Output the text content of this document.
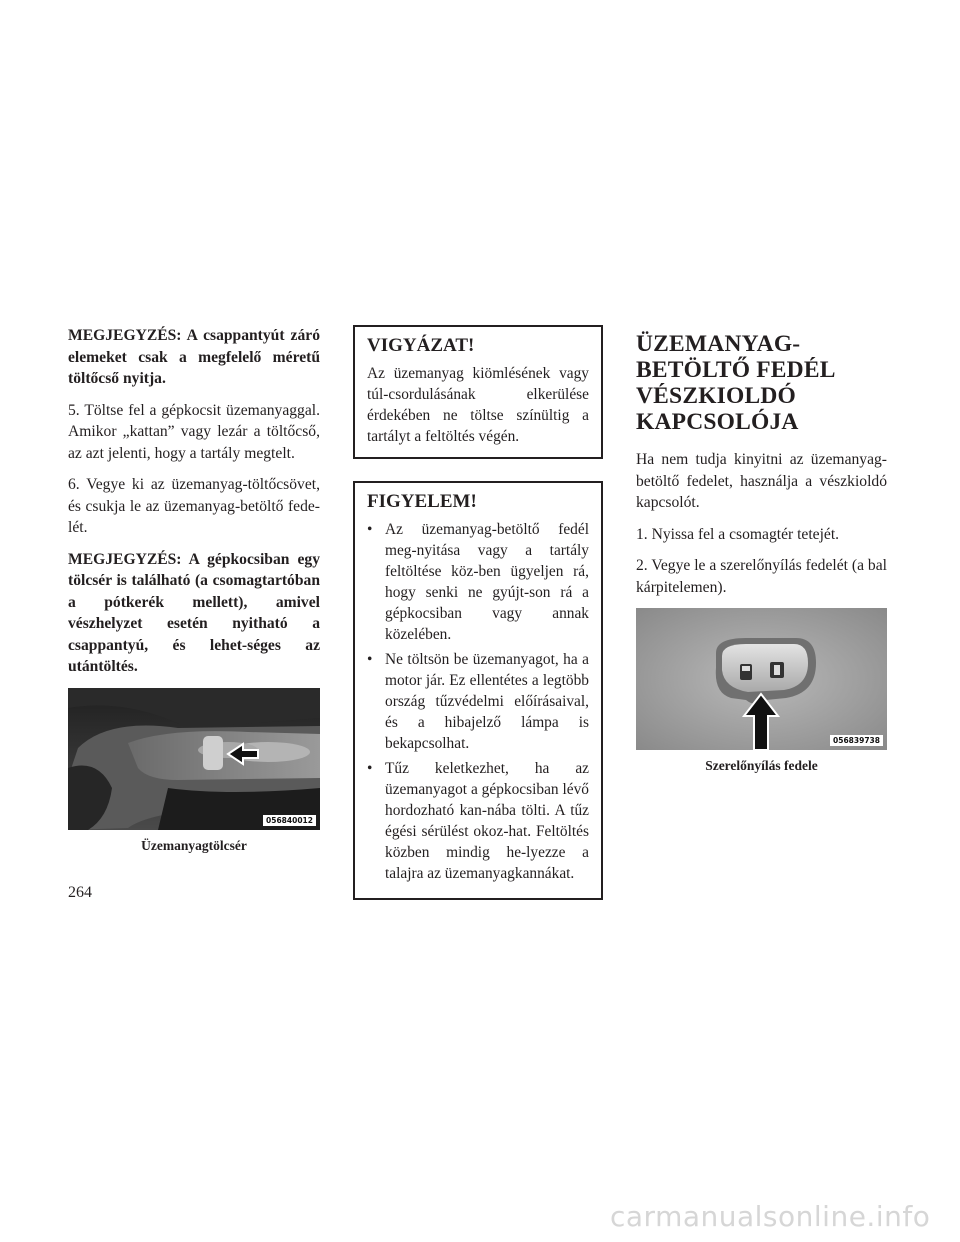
MEGJEGYZÉS: A csappantyút záró elemeket csak a megfelelő méretű töltőcső nyitja.

5. Töltse fel a gépkocsit üzemanyaggal. Amikor „kattan” vagy lezár a töltőcső, az azt jelenti, hogy a tartály megtelt.

6. Vegye ki az üzemanyag-töltőcsövet, és csukja le az üzemanyag-betöltő fede-lét.

MEGJEGYZÉS: A gépkocsiban egy tölcsér is található (a csomagtartóban a pótkerék mellett), amivel vészhelyzet esetén nyitható a csappantyú, és lehet-séges az utántöltés.

056840012

Üzemanyagtölcsér

VIGYÁZAT!

Az üzemanyag kiömlésének vagy túl-csordulásának elkerülése érdekében ne töltse színültig a tartályt a feltöltés végén.

FIGYELEM!
• Az üzemanyag-betöltő fedél meg-nyitása vagy a tartály feltöltése köz-ben ügyeljen rá, hogy senki ne gyújt-son rá a gépkocsiban vagy annak közelében.
• Ne töltsön be üzemanyagot, ha a motor jár. Ez ellentétes a legtöbb ország tűzvédelmi előírásaival, és a hibajelző lámpa is bekapcsolhat.
• Tűz keletkezhet, ha az üzemanyagot a gépkocsiban lévő hordozható kan-nába tölti. A tűz égési sérülést okoz-hat. Feltöltés közben mindig he-lyezze a talajra az üzemanyagkannákat.
ÜZEMANYAG-BETÖLTŐ FEDÉL VÉSZKIOLDÓ KAPCSOLÓJA

Ha nem tudja kinyitni az üzemanyag-betöltő fedelet, használja a vészkioldó kapcsolót.

1. Nyissa fel a csomagtér tetejét.

2. Vegye le a szerelőnyílás fedelét (a bal kárpitelemen).

056839738

Szerelőnyílás fedele

264
carmanualsonline.info
